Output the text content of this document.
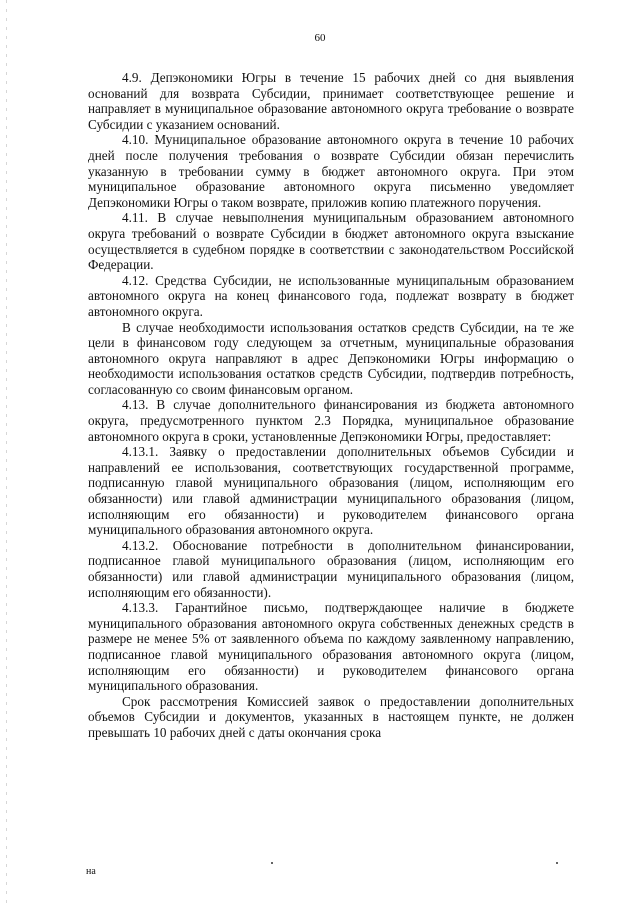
60

4.9. Депэкономики Югры в течение 15 рабочих дней со дня выявления оснований для возврата Субсидии, принимает соответствующее решение и направляет в муниципальное образование автономного округа требование о возврате Субсидии с указанием оснований.

4.10. Муниципальное образование автономного округа в течение 10 рабочих дней после получения требования о возврате Субсидии обязан перечислить указанную в требовании сумму в бюджет автономного округа. При этом муниципальное образование автономного округа письменно уведомляет Депэкономики Югры о таком возврате, приложив копию платежного поручения.

4.11. В случае невыполнения муниципальным образованием автономного округа требований о возврате Субсидии в бюджет автономного округа взыскание осуществляется в судебном порядке в соответствии с законодательством Российской Федерации.

4.12. Средства Субсидии, не использованные муниципальным образованием автономного округа на конец финансового года, подлежат возврату в бюджет автономного округа.

В случае необходимости использования остатков средств Субсидии, на те же цели в финансовом году следующем за отчетным, муниципальные образования автономного округа направляют в адрес Депэкономики Югры информацию о необходимости использования остатков средств Субсидии, подтвердив потребность, согласованную со своим финансовым органом.

4.13. В случае дополнительного финансирования из бюджета автономного округа, предусмотренного пунктом 2.3 Порядка, муниципальное образование автономного округа в сроки, установленные Депэкономики Югры, предоставляет:

4.13.1. Заявку о предоставлении дополнительных объемов Субсидии и направлений ее использования, соответствующих государственной программе, подписанную главой муниципального образования (лицом, исполняющим его обязанности) или главой администрации муниципального образования (лицом, исполняющим его обязанности) и руководителем финансового органа муниципального образования автономного округа.

4.13.2. Обоснование потребности в дополнительном финансировании, подписанное главой муниципального образования (лицом, исполняющим его обязанности) или главой администрации муниципального образования (лицом, исполняющим его обязанности).

4.13.3. Гарантийное письмо, подтверждающее наличие в бюджете муниципального образования автономного округа собственных денежных средств в размере не менее 5% от заявленного объема по каждому заявленному направлению, подписанное главой муниципального образования автономного округа (лицом, исполняющим его обязанности) и руководителем финансового органа муниципального образования.

Срок рассмотрения Комиссией заявок о предоставлении дополнительных объемов Субсидии и документов, указанных в настоящем пункте, не должен превышать 10 рабочих дней с даты окончания срока

на
